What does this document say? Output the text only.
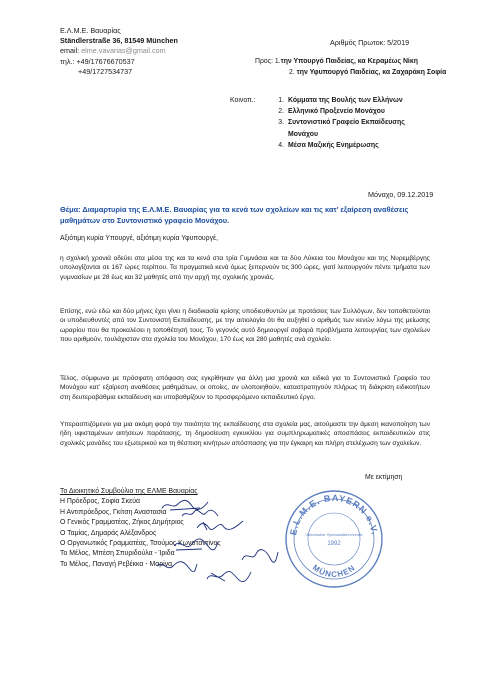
Ε.Λ.Μ.Ε. Βαυαρίας
Ständlerstraße 36, 81549 München
email: elme.vavarias@gmail.com
τηλ.: +49/17676670537
+49/1727534737
Αριθμός Πρωτοκ: 5/2019
Προς: 1.την Υπουργό Παιδείας, κα Κεραμέως Νίκη
2. την Υφυπουργό Παιδείας, κα Ζαχαράκη Σοφία
Κοινοπ.:	1. Κόμματα της Βουλής των Ελλήνων
2. Ελληνικό Προξενείο Μονάχου
3. Συντονιστικό Γραφείο Εκπαίδευσης
Μονάχου
4. Μέσα Μαζικής Ενημέρωσης
Μόναχο, 09.12.2019
Θέμα: Διαμαρτυρία της Ε.Λ.Μ.Ε. Βαυαρίας για τα κενά των σχολείων και τις κατ’ εξαίρεση αναθέσεις μαθημάτων στο Συντονιστικό γραφείο Μονάχου.
Αξιότιμη κυρία Υπουργέ, αξιότιμη κυρία Υφυπουργέ,
η σχολική χρονιά οδεύει στα μέσα της και τα κενά στα τρία Γυμνάσια και τα δύο Λύκεια του Μονάχου και της Νυρεμβέργης υπολογίζονται σε 167 ώρες περίπου. Τα πραγματικά κενά όμως ξεπερνούν τις 300 ώρες, γιατί λειτουργούν πέντε τμήματα των γυμνασίων με 28 έως και 32 μαθητές από την αρχή της σχολικής χρονιάς.
Επίσης, ενώ εδώ και δύο μήνες έχει γίνει η διαδικασία κρίσης υποδιευθυντών με προτάσεις των Συλλόγων, δεν τοποθετούνται οι υποδιευθυντές από τον Συντονιστή Εκπαίδευσης, με την αιτιολογία ότι θα αυξηθεί ο αριθμός των κενών λόγω της μείωσης ωραρίου που θα προκαλέσει η τοποθέτησή τους. Το γεγονός αυτό δημιουργεί σοβαρά προβλήματα λειτουργίας των σχολείων που αριθμούν, τουλάχιστον στα σχολεία του Μονάχου, 170 έως και 280 μαθητές ανά σχολείο.
Τέλος, σύμφωνα με πρόσφατη απόφαση σας εγκρίθηκαν για άλλη μια χρονιά και ειδικά για το Συντονιστικό Γραφείο του Μονάχου κατ’ εξαίρεση αναθέσεις μαθημάτων, οι οποίες, αν υλοποιηθούν, καταστρατηγούν πλήρως τη διάκριση ειδικοτήτων στη δευτεροβάθμια εκπαίδευση και υποβαθμίζουν το προσφερόμενο εκπαιδευτικό έργο.
Υπερασπιζόμενοι για μια ακόμη φορά την ποιότητα της εκπαίδευσης στα σχολεία μας, αιτούμαστε την άμεση ικανοποίηση των ήδη υφισταμένων αιτήσεων παράτασης, τη δημοσίευση εγκυκλίου για συμπληρωματικές αποσπάσεις εκπαιδευτικών στις σχολικές μονάδες του εξωτερικού και τη θέσπιση κινήτρων απόσπασης για την έγκαιρη και πλήρη στελέχωση των σχολείων.
Με εκτίμηση
Το Διοικητικό Συμβούλιο της ΕΛΜΕ Βαυαρίας
Η Πρόεδρος, Σοφία Σκεύα
Η Αντιπρόεδρος, Γκίτση Αναστασία
Ο Γενικός Γραμματέας, Ζήκος Δημήτριος
Ο Ταμίας, Δημαράς Αλέξανδρος
Ο Οργανωτικός Γραμματέας, Τσούμος Κωνσταντίνος
Το Μέλος, Μπέση Σπυριδούλα - Ίριδα
Το Μέλος, Παναγή Ρεβέκκα - Μαρίνα
E.L.M.E. BAYERN e.V.
MÜNCHEN
Griechischer Gymnasiallehrerverein
1992
